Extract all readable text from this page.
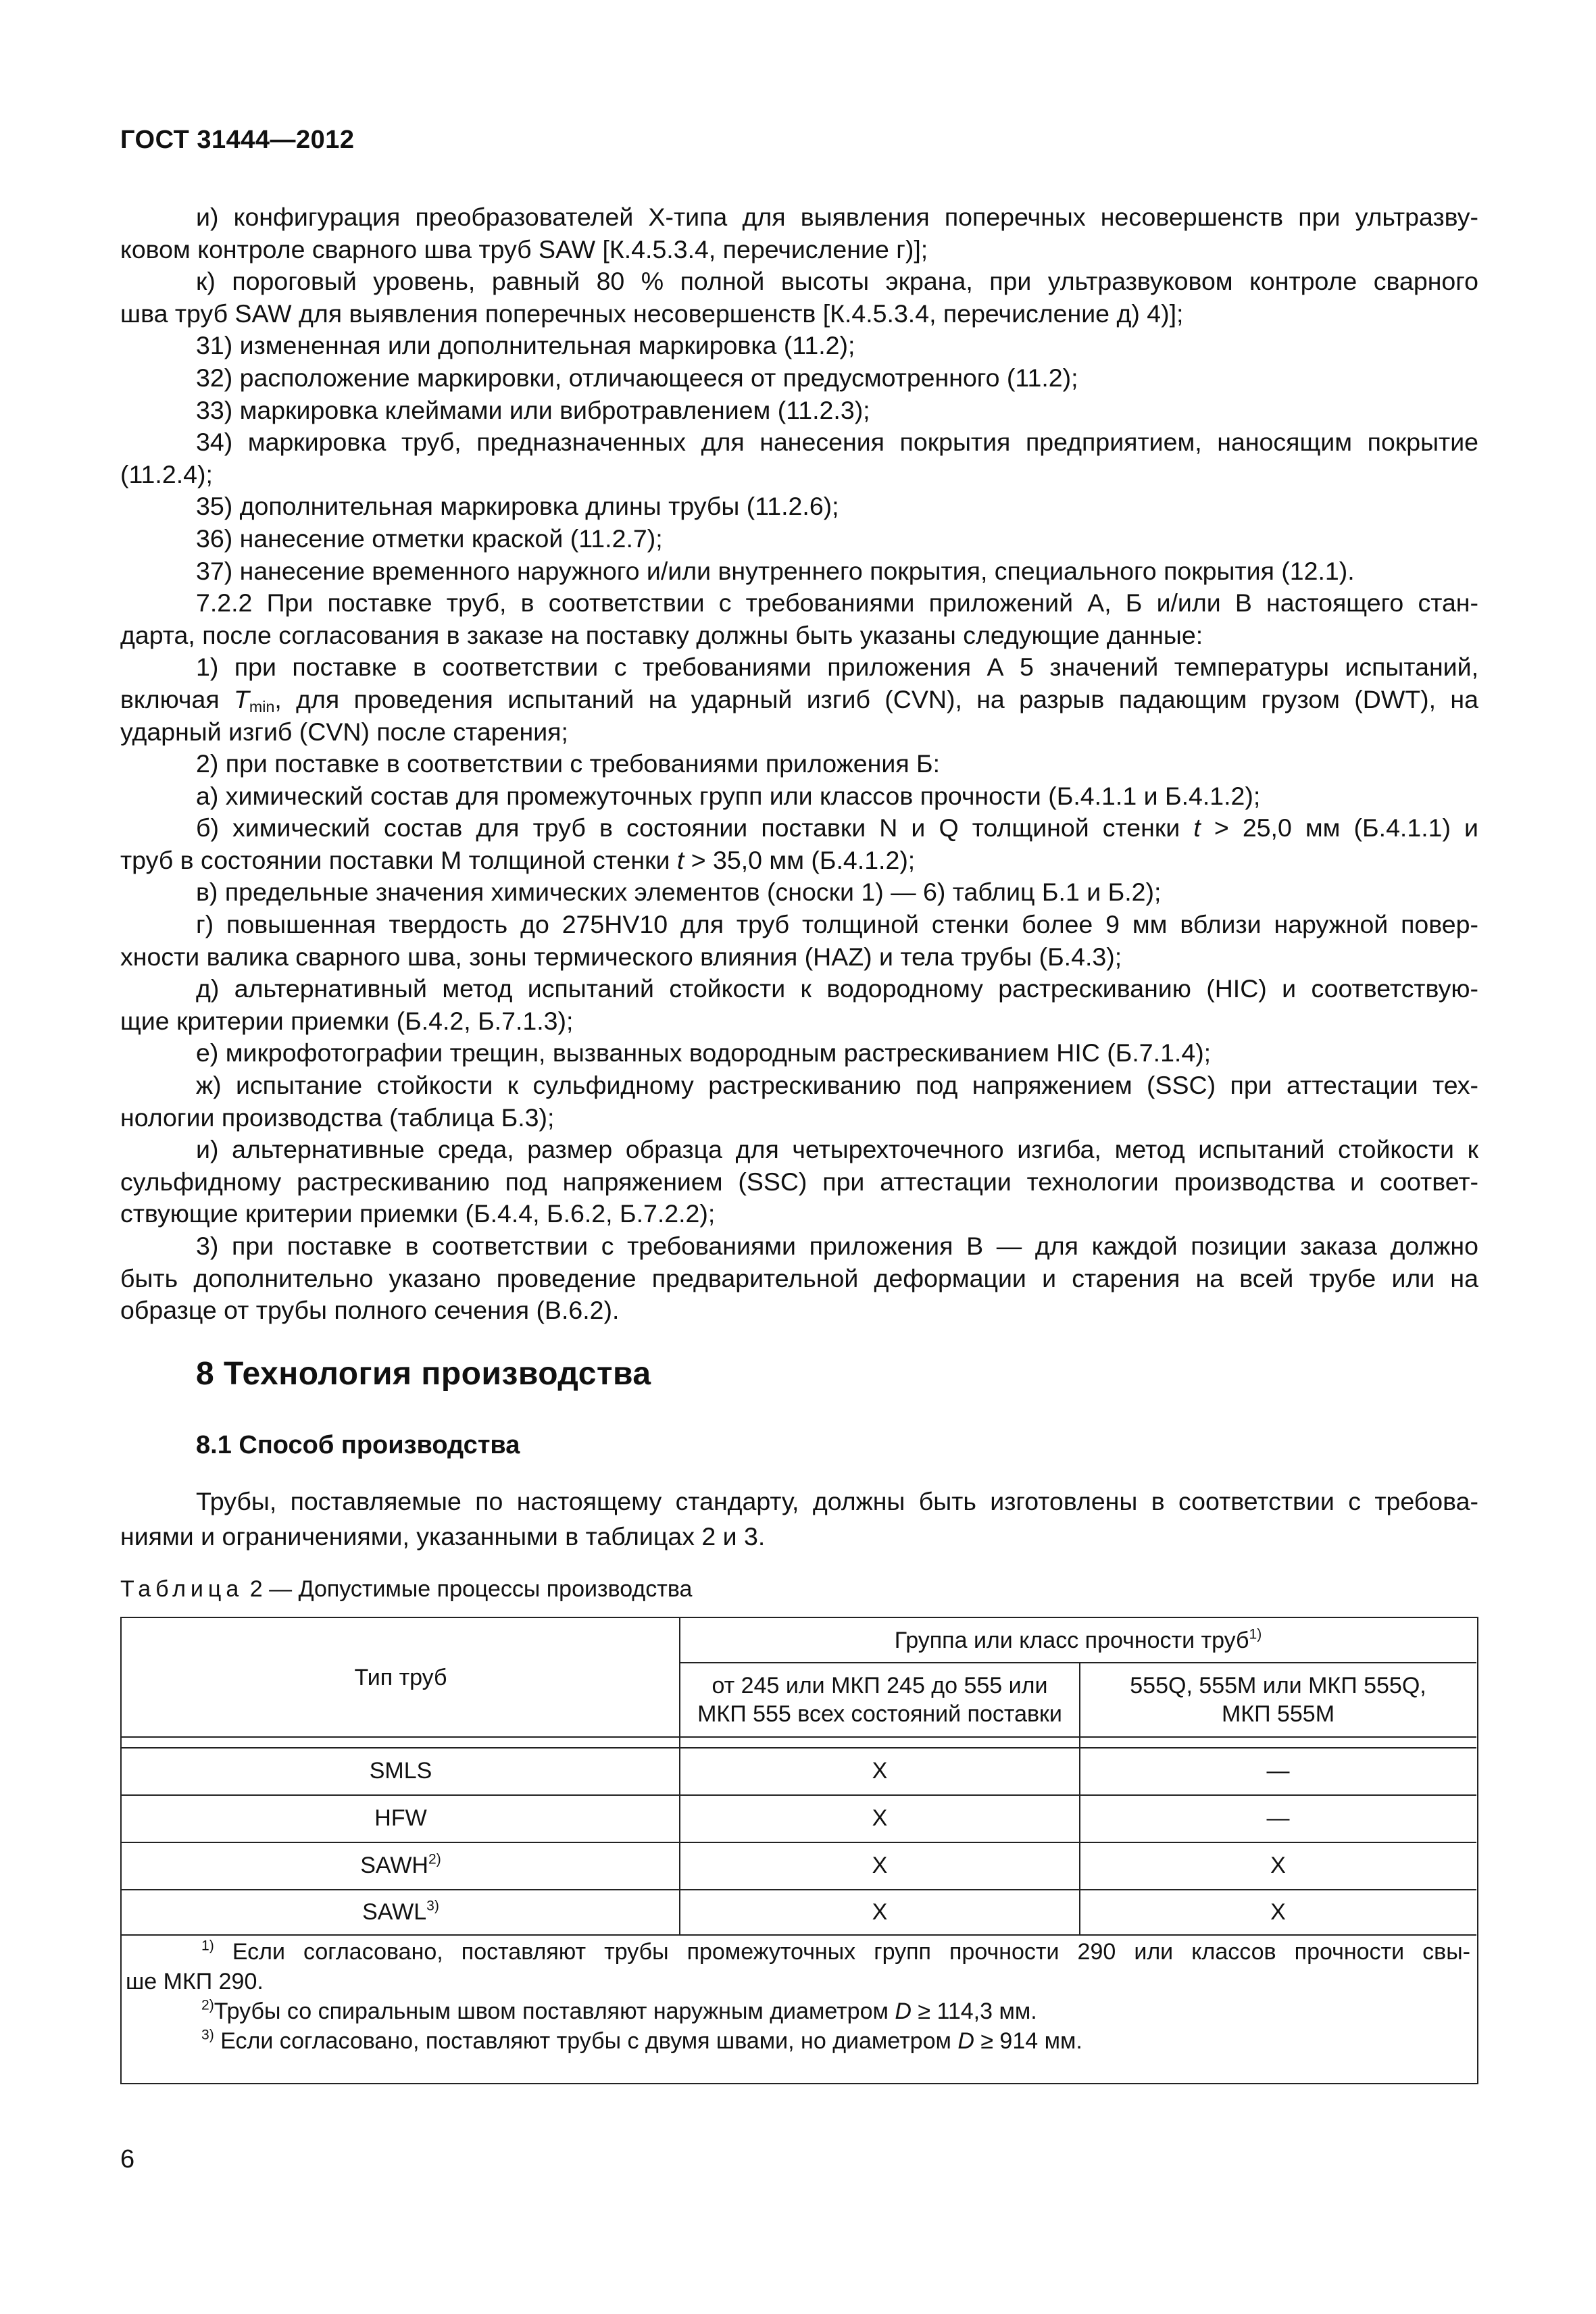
ГОСТ 31444—2012

и) конфигурация преобразователей Х-типа для выявления поперечных несовершенств при ультразву-

ковом контроле сварного шва труб SAW [К.4.5.3.4, перечисление г)];

к) пороговый уровень, равный 80 % полной высоты экрана, при ультразвуковом контроле сварного

шва труб SAW для выявления поперечных несовершенств [К.4.5.3.4, перечисление д) 4)];

31) измененная или дополнительная маркировка (11.2);

32) расположение маркировки, отличающееся от предусмотренного (11.2);

33) маркировка клеймами или вибротравлением (11.2.3);

34) маркировка труб, предназначенных для нанесения покрытия предприятием, наносящим покрытие

(11.2.4);

35) дополнительная маркировка длины трубы (11.2.6);

36) нанесение отметки краской (11.2.7);

37) нанесение временного наружного и/или внутреннего покрытия, специального покрытия (12.1).

7.2.2 При поставке труб, в соответствии с требованиями приложений А, Б и/или В настоящего стан-

дарта, после согласования в заказе на поставку должны быть указаны следующие данные:

1) при поставке в соответствии с требованиями приложения А 5 значений температуры испытаний,

включая $T_{min}$, для проведения испытаний на ударный изгиб (CVN), на разрыв падающим грузом (DWT), на

ударный изгиб (CVN) после старения;

2) при поставке в соответствии с требованиями приложения Б:

а) химический состав для промежуточных групп или классов прочности (Б.4.1.1 и Б.4.1.2);

б) химический состав для труб в состоянии поставки N и Q толщиной стенки t > 25,0 мм (Б.4.1.1) и

труб в состоянии поставки M толщиной стенки t > 35,0 мм (Б.4.1.2);

в) предельные значения химических элементов (сноски 1) — 6) таблиц Б.1 и Б.2);

г) повышенная твердость до 275HV10 для труб толщиной стенки более 9 мм вблизи наружной повер-

хности валика сварного шва, зоны термического влияния (HAZ) и тела трубы (Б.4.3);

д) альтернативный метод испытаний стойкости к водородному растрескиванию (HIC) и соответствую-

щие критерии приемки (Б.4.2, Б.7.1.3);

е) микрофотографии трещин, вызванных водородным растрескиванием HIC (Б.7.1.4);

ж) испытание стойкости к сульфидному растрескиванию под напряжением (SSC) при аттестации тех-

нологии производства (таблица Б.3);

и) альтернативные среда, размер образца для четырехточечного изгиба, метод испытаний стойкости к

сульфидному растрескиванию под напряжением (SSC) при аттестации технологии производства и соответ-

ствующие критерии приемки (Б.4.4, Б.6.2, Б.7.2.2);

3) при поставке в соответствии с требованиями приложения В — для каждой позиции заказа должно

быть дополнительно указано проведение предварительной деформации и старения на всей трубе или на

образце от трубы полного сечения (В.6.2).

8 Технология производства
8.1 Способ производства
Трубы, поставляемые по настоящему стандарту, должны быть изготовлены в соответствии с требова-
ниями и ограничениями, указанными в таблицах 2 и 3.
Таблица 2 — Допустимые процессы производства
Тип труб
Группа или класс прочности труб$^{1)}$
от 245 или МКП 245 до 555 или
МКП 555 всех состояний поставки
555Q, 555M или МКП 555Q,
МКП 555M
SMLS	X	—
HFW	X	—
SAWH$^{2)}$	X	X
SAWL$^{3)}$	X	X

$^{1)}$ Если согласовано, поставляют трубы промежуточных групп прочности 290 или классов прочности свы-

ше МКП 290.

$^{2)}$Трубы со спиральным швом поставляют наружным диаметром D ≥ 114,3 мм.

$^{3)}$ Если согласовано, поставляют трубы с двумя швами, но диаметром D ≥ 914 мм.

6
